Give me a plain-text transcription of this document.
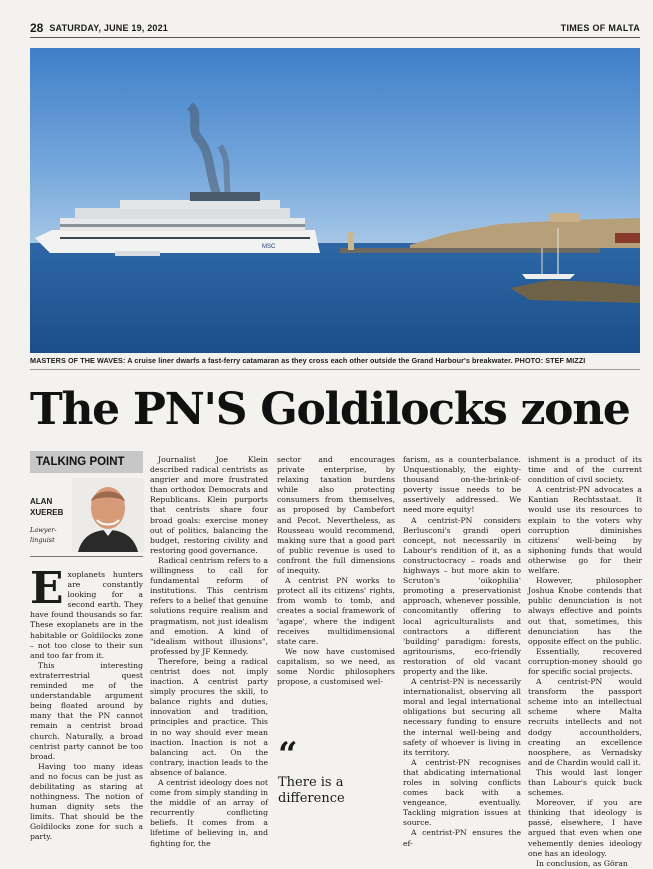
28 SATURDAY, JUNE 19, 2021	TIMES OF MALTA
MSC
MASTERS OF THE WAVES: A cruise liner dwarfs a fast-ferry catamaran as they cross each other outside the Grand Harbour's breakwater. PHOTO: STEF MIZZI
The PN'S Goldilocks zone
TALKING POINT
ALAN
XUEREB
Lawyer-
linguist

Exoplanets hunters are constantly looking for a second earth. They have found thousands so far. These exoplanets are in the habitable or Goldilocks zone – not too close to their sun and too far from it.

This interesting extraterrestrial quest reminded me of the understandable argument being floated around by many that the PN cannot remain a centrist broad church. Naturally, a broad centrist party cannot be too broad.

Having too many ideas and no focus can be just as debilitating as staring at nothingness. The notion of human dignity sets the limits. That should be the Goldilocks zone for such a party.

Journalist Joe Klein described radical centrists as angrier and more frustrated than orthodox Democrats and Republicans. Klein purports that centrists share four broad goals: exercise money out of politics, balancing the budget, restoring civility and restoring good governance.

Radical centrism refers to a willingness to call for fundamental reform of institutions. This centrism refers to a belief that genuine solutions require realism and pragmatism, not just idealism and emotion. A kind of "idealism without illusions", professed by JF Kennedy.

Therefore, being a radical centrist does not imply inaction. A centrist party simply procures the skill, to balance rights and duties, innovation and tradition, principles and practice. This in no way should ever mean inaction. Inaction is not a balancing act. On the contrary, inaction leads to the absence of balance.

A centrist ideology does not come from simply standing in the middle of an array of recurrently conflicting beliefs. It comes from a lifetime of believing in, and fighting for, the

sector and encourages private enterprise, by relaxing taxation burdens while also protecting consumers from themselves, as proposed by Cambefort and Pecot. Nevertheless, as Rousseau would recommend, making sure that a good part of public revenue is used to confront the full dimensions of inequity.

A centrist PN works to protect all its citizens' rights, from womb to tomb, and creates a social framework of 'agape', where the indigent receives multidimensional state care.

We now have customised capitalism, so we need, as some Nordic philosophers propose, a customised wel-

“
There is a difference

farism, as a counterbalance. Unquestionably, the eighty-thousand on-the-brink-of-poverty issue needs to be assertively addressed. We need more equity!

A centrist-PN considers Berlusconi's grandi operi concept, not necessarily in Labour's rendition of it, as a constructocracy – roads and highways – but more akin to Scruton's 'oikophilia' promoting a preservationist approach, whenever possible, concomitantly offering to local agriculturalists and contractors a different 'building' paradigm: forests, agritourisms, eco-friendly restoration of old vacant property and the like.

A centrist-PN is necessarily internationalist, observing all moral and legal international obligations but securing all necessary funding to ensure the internal well-being and safety of whoever is living in its territory.

A centrist-PN recognises that abdicating international roles in solving conflicts comes back with a vengeance, eventually. Tackling migration issues at source.

A centrist-PN ensures the ef-

ishment is a product of its time and of the current condition of civil society.

A centrist-PN advocates a Kantian Rechtsstaat. It would use its resources to explain to the voters why corruption diminishes citizens' well-being by siphoning funds that would otherwise go for their welfare.

However, philosopher Joshua Knobe contends that public denunciation is not always effective and points out that, sometimes, this denunciation has the opposite effect on the public.

Essentially, recovered corruption-money should go for specific social projects.

A centrist-PN would transform the passport scheme into an intellectual scheme where Malta recruits intellects and not dodgy accountholders, creating an excellence noosphere, as Vernadsky and de Chardin would call it.

This would last longer than Labour's quick buck schemes.

Moreover, if you are thinking that ideology is passé, elsewhere, I have argued that even when one vehemently denies ideology one has an ideology.

In conclusion, as Göran
